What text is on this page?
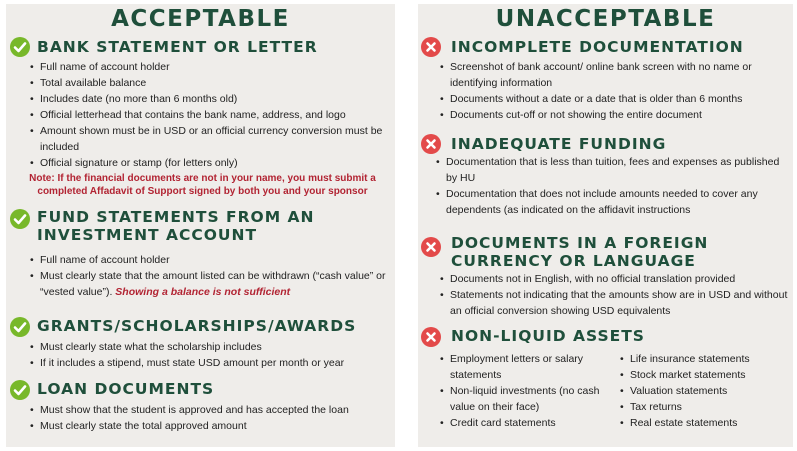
ACCEPTABLE
BANK STATEMENT OR LETTER
• Full name of account holder
• Total available balance
• Includes date (no more than 6 months old)
• Official letterhead that contains the bank name, address, and logo
• Amount shown must be in USD or an official currency conversion must be included
• Official signature or stamp (for letters only)
Note: If the financial documents are not in your name, you must submit a completed Affadavit of Support signed by both you and your sponsor
FUND STATEMENTS FROM AN INVESTMENT ACCOUNT
• Full name of account holder
• Must clearly state that the amount listed can be withdrawn (“cash value” or “vested value”). Showing a balance is not sufficient
GRANTS/SCHOLARSHIPS/AWARDS
• Must clearly state what the scholarship includes
• If it includes a stipend, must state USD amount per month or year
LOAN DOCUMENTS
• Must show that the student is approved and has accepted the loan
• Must clearly state the total approved amount
UNACCEPTABLE
INCOMPLETE DOCUMENTATION
• Screenshot of bank account/ online bank screen with no name or identifying information
• Documents without a date or a date that is older than 6 months
• Documents cut-off or not showing the entire document
INADEQUATE FUNDING
• Documentation that is less than tuition, fees and expenses as published by HU
• Documentation that does not include amounts needed to cover any dependents (as indicated on the affidavit instructions
DOCUMENTS IN A FOREIGN CURRENCY OR LANGUAGE
• Documents not in English, with no official translation provided
• Statements not indicating that the amounts show are in USD and without an official conversion showing USD equivalents
NON-LIQUID ASSETS
• Employment letters or salary statements
• Non-liquid investments (no cash value on their face)
• Credit card statements
• Life insurance statements
• Stock market statements
• Valuation statements
• Tax returns
• Real estate statements
